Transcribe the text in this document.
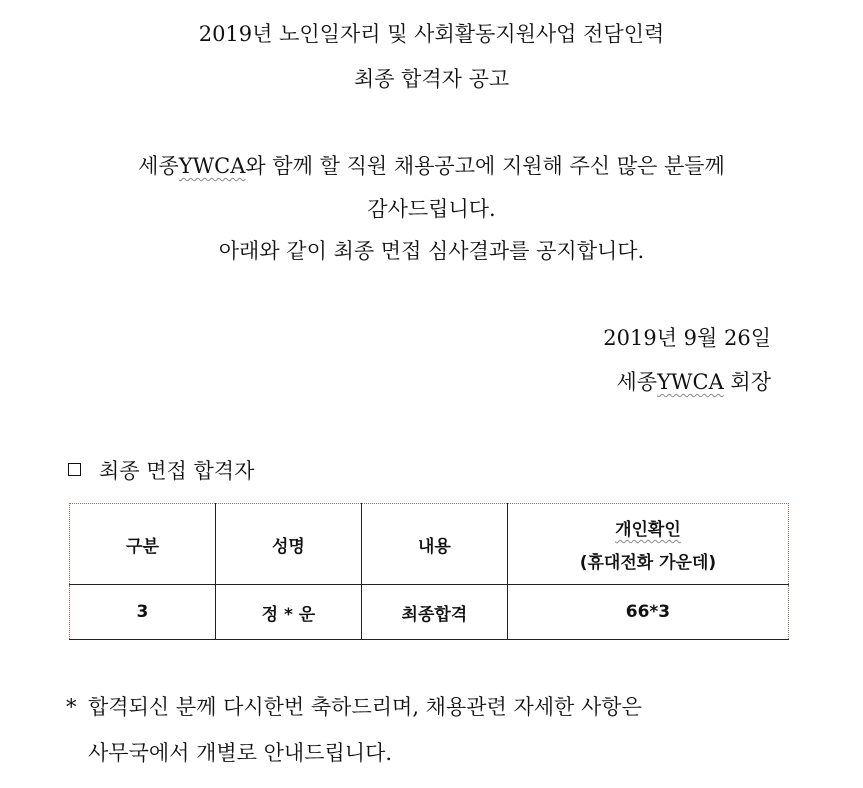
2019년 노인일자리 및 사회활동지원사업 전담인력
최종 합격자 공고
세종YWCA와 함께 할 직원 채용공고에 지원해 주신 많은 분들께
감사드립니다.
아래와 같이 최종 면접 심사결과를 공지합니다.
2019년 9월 26일
세종YWCA 회장
최종 면접 합격자
구분	성명	내용	개인확인
(휴대전화 가운데)

3	정 * 운	최종합격	66*3
* 합격되신 분께 다시한번 축하드리며, 채용관련 자세한 사항은
사무국에서 개별로 안내드립니다.
